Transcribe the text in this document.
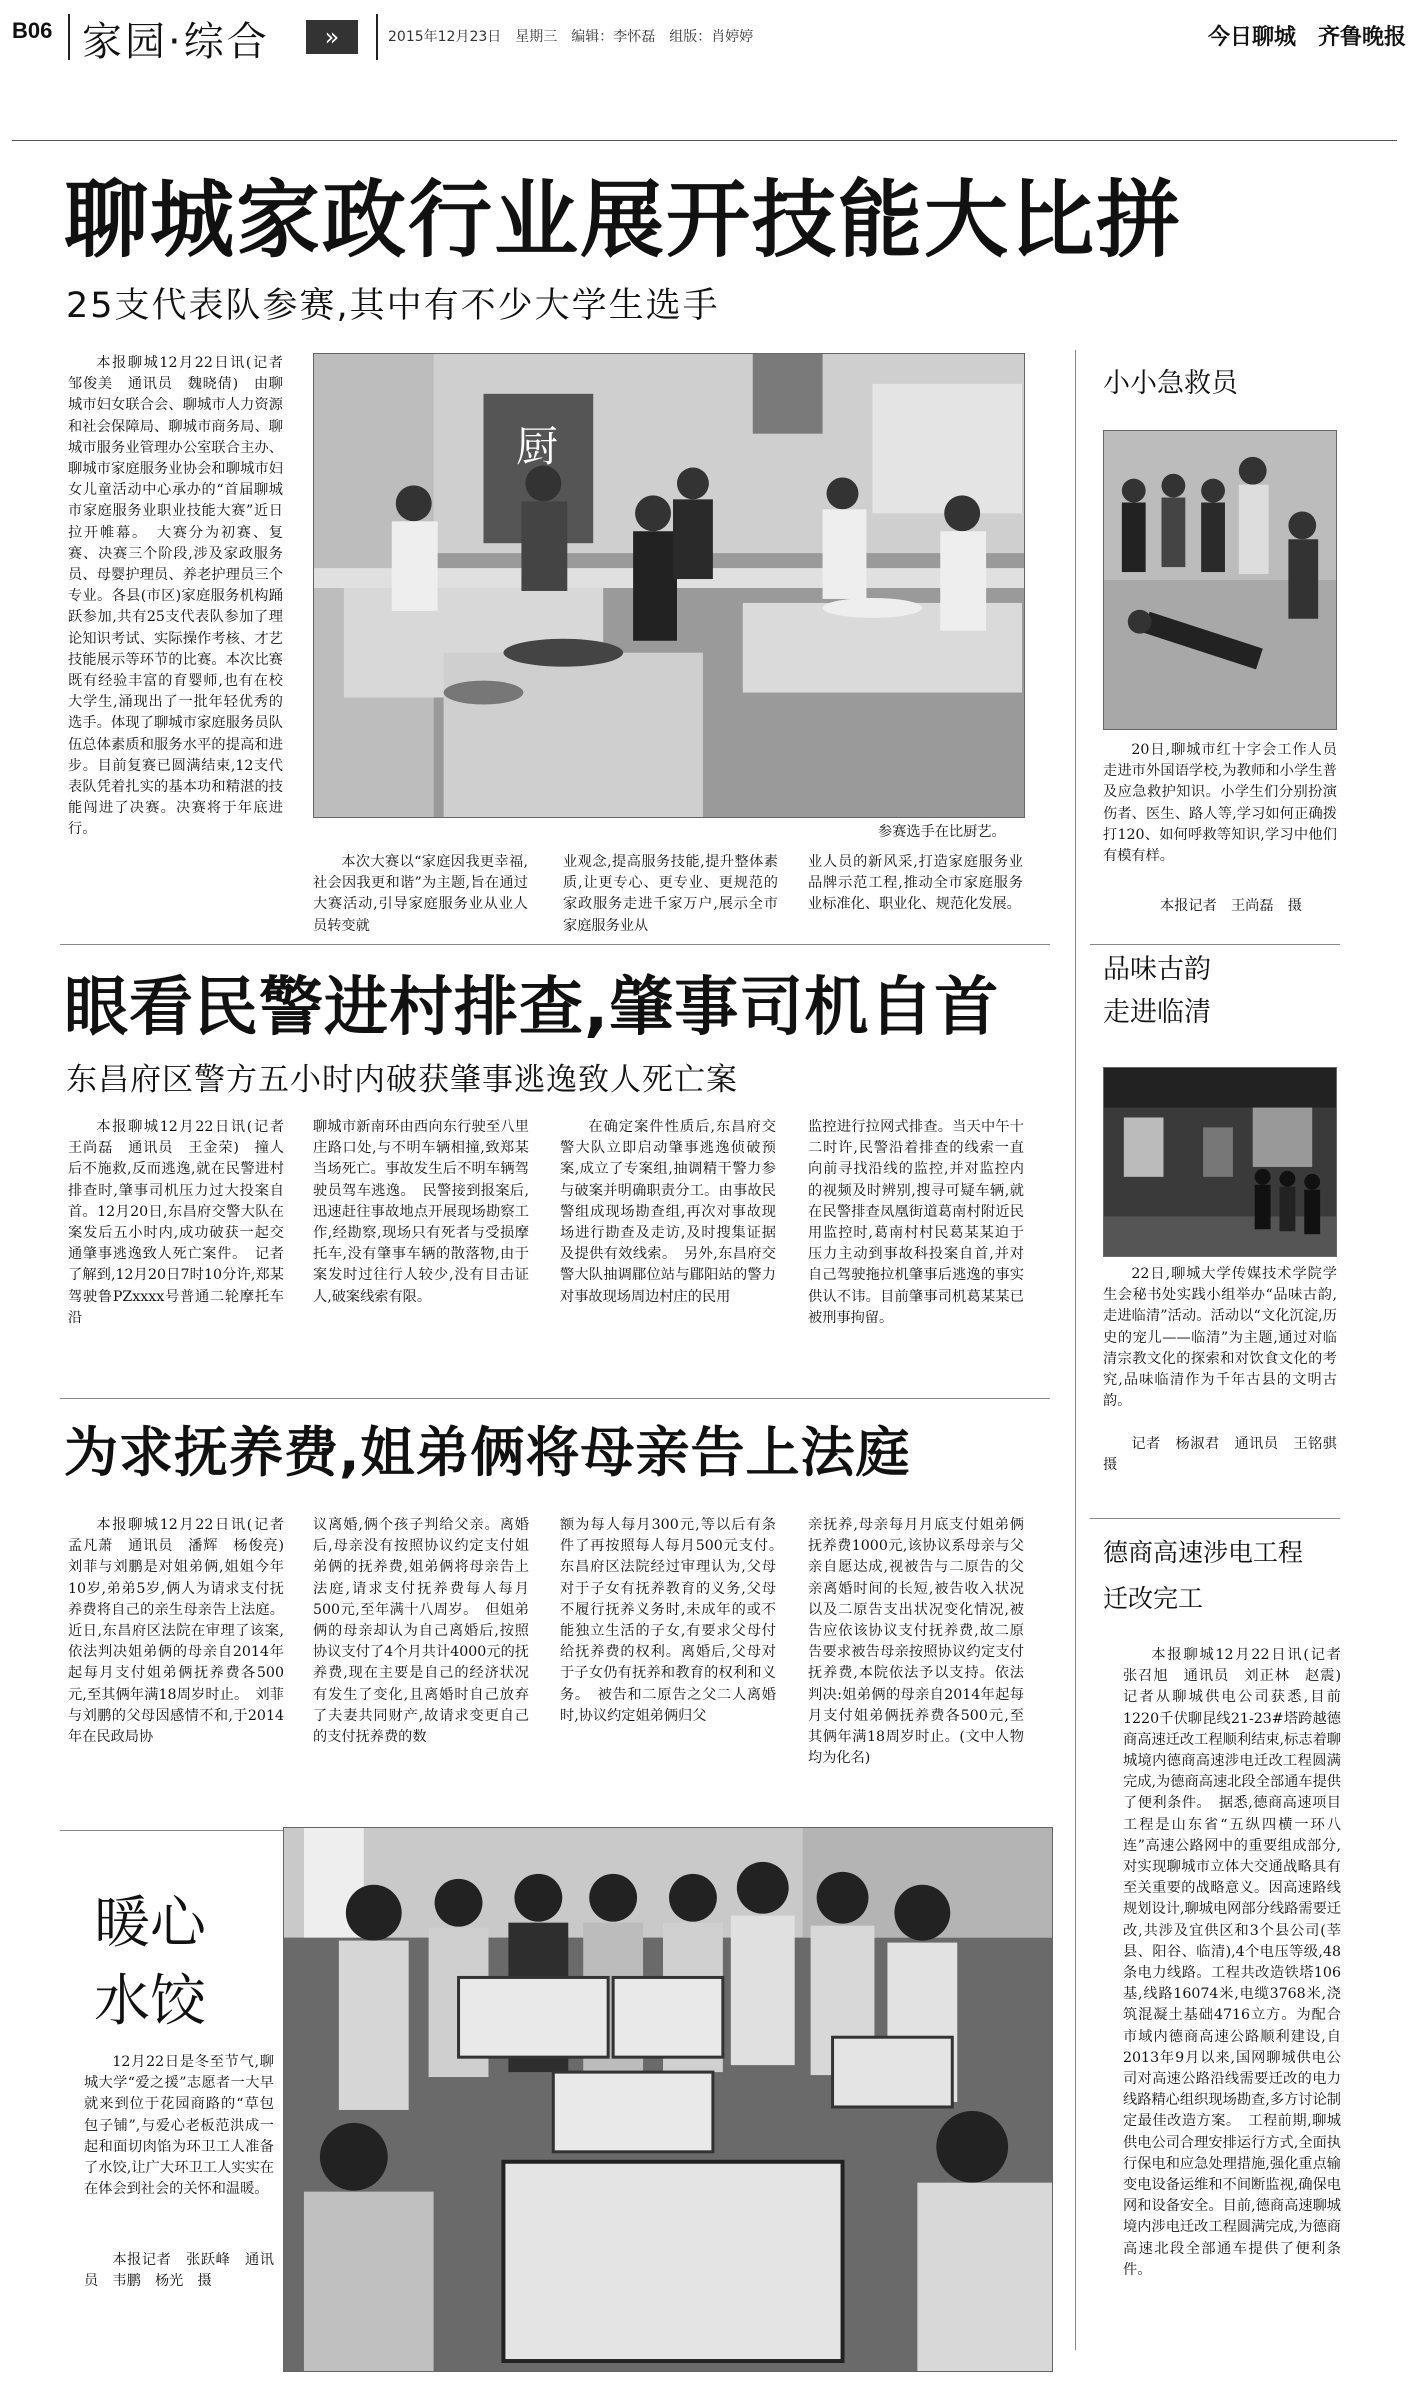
B06 家园·综合	»	2015年12月23日　星期三　编辑：李怀磊　组版：肖婷婷	今日聊城　齐鲁晚报
聊城家政行业展开技能大比拼
25支代表队参赛,其中有不少大学生选手

本报聊城12月22日讯(记者　邹俊美　通讯员　魏晓倩)　由聊城市妇女联合会、聊城市人力资源和社会保障局、聊城市商务局、聊城市服务业管理办公室联合主办、聊城市家庭服务业协会和聊城市妇女儿童活动中心承办的“首届聊城市家庭服务业职业技能大赛”近日拉开帷幕。　大赛分为初赛、复赛、决赛三个阶段,涉及家政服务员、母婴护理员、养老护理员三个专业。各县(市区)家庭服务机构踊跃参加,共有25支代表队参加了理论知识考试、实际操作考核、才艺技能展示等环节的比赛。本次比赛既有经验丰富的育婴师,也有在校大学生,涌现出了一批年轻优秀的选手。体现了聊城市家庭服务员队伍总体素质和服务水平的提高和进步。目前复赛已圆满结束,12支代表队凭着扎实的基本功和精湛的技能闯进了决赛。决赛将于年底进行。

厨
参赛选手在比厨艺。

本次大赛以“家庭因我更幸福,社会因我更和谐”为主题,旨在通过大赛活动,引导家庭服务业从业人员转变就

业观念,提高服务技能,提升整体素质,让更专心、更专业、更规范的家政服务走进千家万户,展示全市家庭服务业从

业人员的新风采,打造家庭服务业品牌示范工程,推动全市家庭服务业标准化、职业化、规范化发展。

小小急救员

20日,聊城市红十字会工作人员走进市外国语学校,为教师和小学生普及应急救护知识。小学生们分别扮演伤者、医生、路人等,学习如何正确拨打120、如何呼救等知识,学习中他们有模有样。

本报记者　王尚磊　摄
眼看民警进村排查,肇事司机自首
东昌府区警方五小时内破获肇事逃逸致人死亡案

本报聊城12月22日讯(记者　王尚磊　通讯员　王金荣)　撞人后不施救,反而逃逸,就在民警进村排查时,肇事司机压力过大投案自首。12月20日,东昌府交警大队在案发后五小时内,成功破获一起交通肇事逃逸致人死亡案件。　记者了解到,12月20日7时10分许,郑某驾驶鲁PZxxxx号普通二轮摩托车沿

聊城市新南环由西向东行驶至八里庄路口处,与不明车辆相撞,致郑某当场死亡。事故发生后不明车辆驾驶员驾车逃逸。　民警接到报案后,迅速赶往事故地点开展现场勘察工作,经勘察,现场只有死者与受损摩托车,没有肇事车辆的散落物,由于案发时过往行人较少,没有目击证人,破案线索有限。

在确定案件性质后,东昌府交警大队立即启动肇事逃逸侦破预案,成立了专案组,抽调精干警力参与破案并明确职责分工。由事故民警组成现场勘查组,再次对事故现场进行勘查及走访,及时搜集证据及提供有效线索。　另外,东昌府交警大队抽调郿位站与郿阳站的警力对事故现场周边村庄的民用

监控进行拉网式排查。当天中午十二时许,民警沿着排查的线索一直向前寻找沿线的监控,并对监控内的视频及时辨别,搜寻可疑车辆,就在民警排查凤凰街道葛南村附近民用监控时,葛南村村民葛某某迫于压力主动到事故科投案自首,并对自己驾驶拖拉机肇事后逃逸的事实供认不讳。目前肇事司机葛某某已被刑事拘留。

品味古韵
走进临清

22日,聊城大学传媒技术学院学生会秘书处实践小组举办“品味古韵,走进临清”活动。活动以“文化沉淀,历史的宠儿——临清”为主题,通过对临清宗教文化的探索和对饮食文化的考究,品味临清作为千年古县的文明古韵。

记者　杨淑君　通讯员　王铭骐　摄

为求抚养费,姐弟俩将母亲告上法庭

本报聊城12月22日讯(记者　孟凡萧　通讯员　潘辉　杨俊亮)　刘菲与刘鹏是对姐弟俩,姐姐今年10岁,弟弟5岁,俩人为请求支付抚养费将自己的亲生母亲告上法庭。近日,东昌府区法院在审理了该案,依法判决姐弟俩的母亲自2014年起每月支付姐弟俩抚养费各500元,至其俩年满18周岁时止。　刘菲与刘鹏的父母因感情不和,于2014年在民政局协

议离婚,俩个孩子判给父亲。离婚后,母亲没有按照协议约定支付姐弟俩的抚养费,姐弟俩将母亲告上法庭,请求支付抚养费每人每月500元,至年满十八周岁。　但姐弟俩的母亲却认为自己离婚后,按照协议支付了4个月共计4000元的抚养费,现在主要是自己的经济状况有发生了变化,且离婚时自己放弃了夫妻共同财产,故请求变更自己的支付抚养费的数

额为每人每月300元,等以后有条件了再按照每人每月500元支付。　东昌府区法院经过审理认为,父母对于子女有抚养教育的义务,父母不履行抚养义务时,未成年的或不能独立生活的子女,有要求父母付给抚养费的权利。离婚后,父母对于子女仍有抚养和教育的权利和义务。　被告和二原告之父二人离婚时,协议约定姐弟俩归父

亲抚养,母亲每月月底支付姐弟俩抚养费1000元,该协议系母亲与父亲自愿达成,视被告与二原告的父亲离婚时间的长短,被告收入状况以及二原告支出状况变化情况,被告应依该协议支付抚养费,故二原告要求被告母亲按照协议约定支付抚养费,本院依法予以支持。依法判决:姐弟俩的母亲自2014年起每月支付姐弟俩抚养费各500元,至其俩年满18周岁时止。(文中人物均为化名)

德商高速涉电工程
迁改完工

本报聊城12月22日讯(记者　张召旭　通讯员　刘正林　赵震)　记者从聊城供电公司获悉,目前1220千伏聊昆线21-23#塔跨越德商高速迁改工程顺利结束,标志着聊城境内德商高速涉电迁改工程圆满完成,为德商高速北段全部通车提供了便利条件。　据悉,德商高速项目工程是山东省“五纵四横一环八连”高速公路网中的重要组成部分,对实现聊城市立体大交通战略具有至关重要的战略意义。因高速路线规划设计,聊城电网部分线路需要迁改,共涉及宜供区和3个县公司(莘县、阳谷、临清),4个电压等级,48条电力线路。工程共改造铁塔106基,线路16074米,电缆3768米,浇筑混凝土基础4716立方。为配合市域内德商高速公路顺利建设,自2013年9月以来,国网聊城供电公司对高速公路沿线需要迁改的电力线路精心组织现场勘查,多方讨论制定最佳改造方案。　工程前期,聊城供电公司合理安排运行方式,全面执行保电和应急处理措施,强化重点输变电设备运维和不间断监视,确保电网和设备安全。目前,德商高速聊城境内涉电迁改工程圆满完成,为德商高速北段全部通车提供了便利条件。

暖心
水饺

12月22日是冬至节气,聊城大学“爱之援”志愿者一大早就来到位于花园商路的“草包包子铺”,与爱心老板范洪成一起和面切肉馅为环卫工人准备了水饺,让广大环卫工人实实在在体会到社会的关怀和温暖。

本报记者　张跃峰　通讯员　韦鹏　杨光　摄
